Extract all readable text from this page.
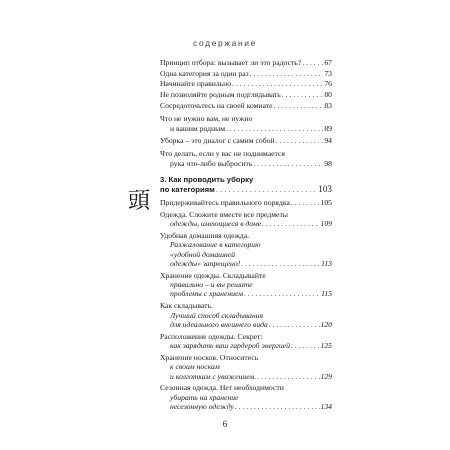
содержание
Принцип отбора: вызывает ли это радость? . . .	67
Одна категория за один раз . . .	73
Начинайте правильно . . .	76
Не позволяйте родным подглядывать . . .	80
Сосредоточьтесь на своей комнате . . .	83
Что не нужно вам, не нужно
и вашим родным . . .	89
Уборка – это диалог с самим собой . . .	94
Что делать, если у вас не поднимается
рука что-либо выбросить . . .	98
頭
3. Как проводить уборку
по категориям . . .	103
Придерживайтесь правильного порядка . . .	105
Одежда. Сложите вместе все предметы
одежды, имеющиеся в доме . . .	109
Удобная домашняя одежда.
Разжалование в категорию
«удобной домашней
одежды» запрещено! . . .	113
Хранение одежды. Складывайте
правильно – и вы решите
проблемы с хранением . . .	115
Как складывать.
Лучший способ складывания
для идеального внешнего вида . . .	120
Расположение одежды. Секрет:
как зарядить ваш гардероб энергией . . .	125
6
Хранение носков. Относитесь
к своим носкам
и колготкам с уважением. . . .	129
Сезонная одежда. Нет необходимости
убирать на хранение
несезонную одежду . . .	134
